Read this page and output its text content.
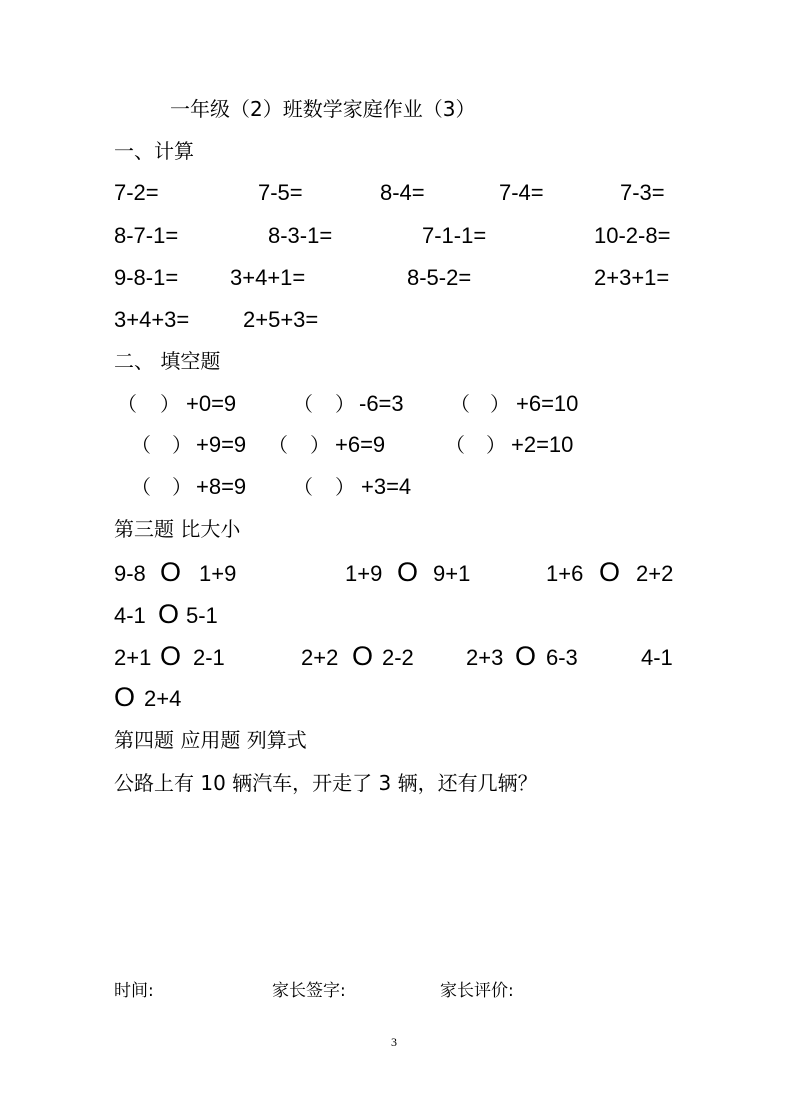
一年级（2）班数学家庭作业（3）
一、计算
7-2=	7-5=	8-4=	7-4=	7-3=
8-7-1=	8-3-1=	7-1-1=	10-2-8=
9-8-1= 3+4+1=	8-5-2=	2+3+1=
3+4+3= 2+5+3=
二、 填空题
（ ） +0=9	（ ） -6=3 （ ） +6=10
（ ） +9=9 （ ） +6=9	（ ） +2=10
（ ） +8=9 （ ） +3=4
第三题 比大小
9-8 O 1+9	1+9 O 9+1	1+6 O 2+2
4-1 O 5-1
2+1 O 2-1	2+2 O 2-2 2+3 O 6-3	4-1
O 2+4
第四题 应用题 列算式
公路上有 10 辆汽车，开走了 3 辆，还有几辆？
时间:	家长签字:	家长评价:
3
